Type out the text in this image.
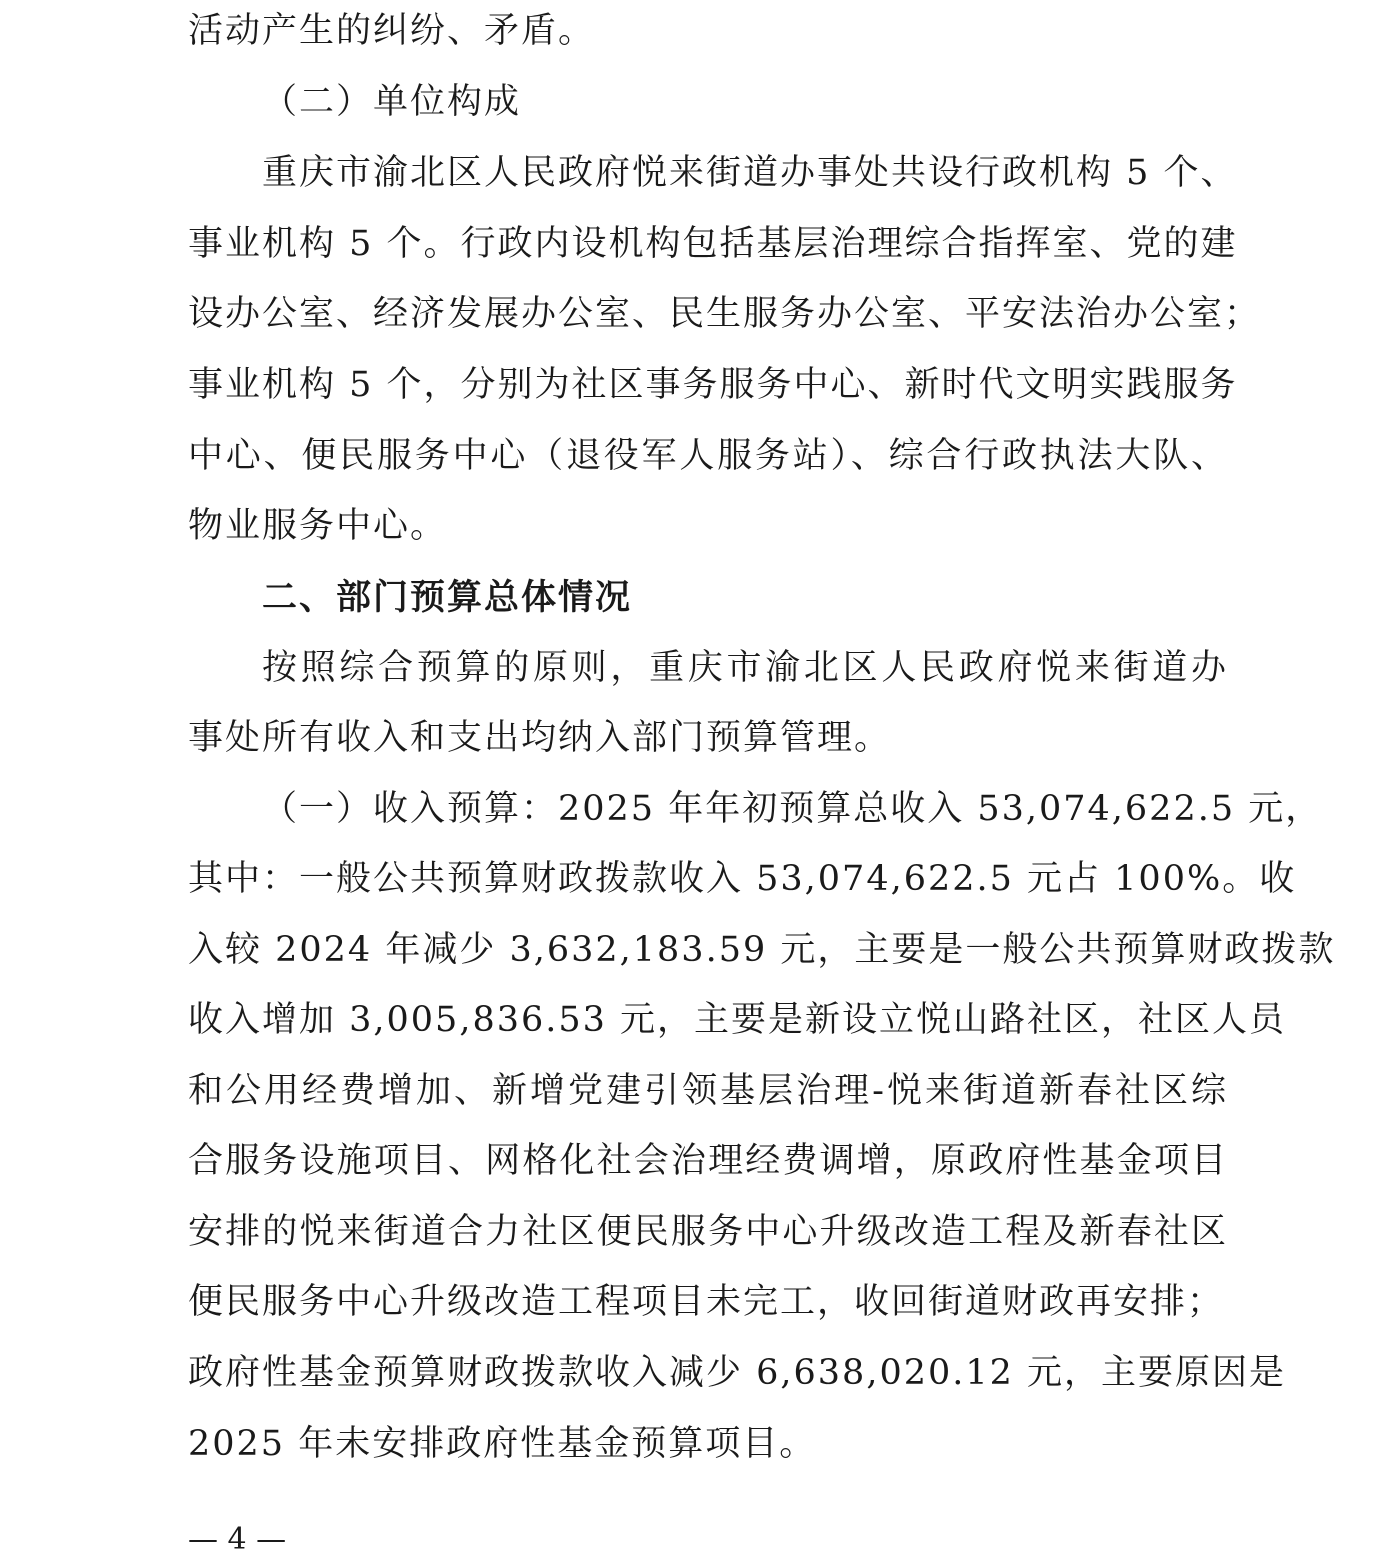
活动产生的纠纷、矛盾。
（二）单位构成
重庆市渝北区人民政府悦来街道办事处共设行政机构 5 个、
事业机构 5 个。行政内设机构包括基层治理综合指挥室、党的建
设办公室、经济发展办公室、民生服务办公室、平安法治办公室；
事业机构 5 个，分别为社区事务服务中心、新时代文明实践服务
中心、便民服务中心（退役军人服务站）、综合行政执法大队、
物业服务中心。
二、部门预算总体情况
按照综合预算的原则，重庆市渝北区人民政府悦来街道办
事处所有收入和支出均纳入部门预算管理。
（一）收入预算：2025 年年初预算总收入 53,074,622.5 元，
其中：一般公共预算财政拨款收入 53,074,622.5 元占 100%。收
入较 2024 年减少 3,632,183.59 元，主要是一般公共预算财政拨款
收入增加 3,005,836.53 元，主要是新设立悦山路社区，社区人员
和公用经费增加、新增党建引领基层治理-悦来街道新春社区综
合服务设施项目、网格化社会治理经费调增，原政府性基金项目
安排的悦来街道合力社区便民服务中心升级改造工程及新春社区
便民服务中心升级改造工程项目未完工，收回街道财政再安排；
政府性基金预算财政拨款收入减少 6,638,020.12 元，主要原因是
2025 年未安排政府性基金预算项目。
— 4 —
